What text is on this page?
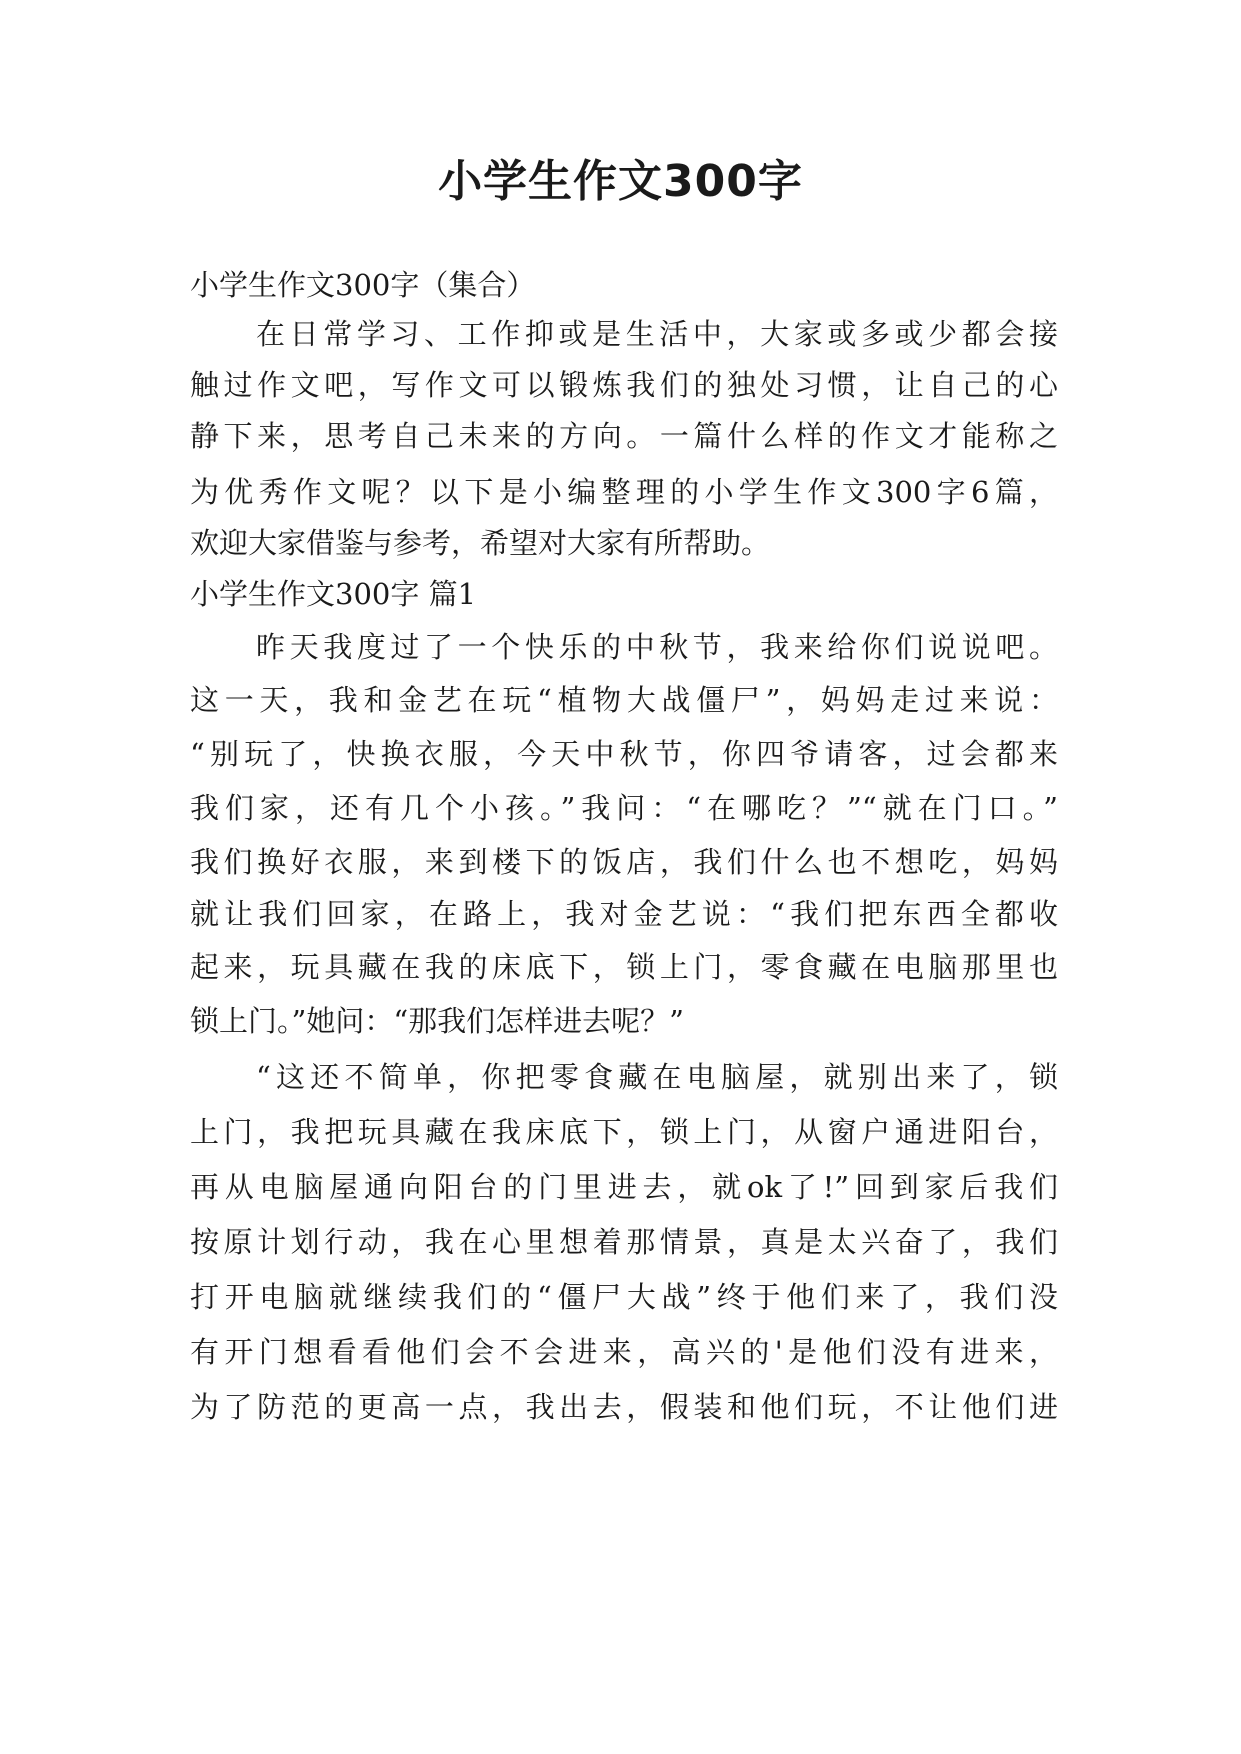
小学生作文300字
小学生作文300字（集合）
在日常学习、工作抑或是生活中，大家或多或少都会接
触过作文吧，写作文可以锻炼我们的独处习惯，让自己的心
静下来，思考自己未来的方向。一篇什么样的作文才能称之
为优秀作文呢？以下是小编整理的小学生作文300字6篇，
欢迎大家借鉴与参考，希望对大家有所帮助。
小学生作文300字 篇1
昨天我度过了一个快乐的中秋节，我来给你们说说吧。
这一天，我和金艺在玩“植物大战僵尸”，妈妈走过来说：
“别玩了，快换衣服，今天中秋节，你四爷请客，过会都来
我们家，还有几个小孩。”我问：“在哪吃？”“就在门口。”
我们换好衣服，来到楼下的饭店，我们什么也不想吃，妈妈
就让我们回家，在路上，我对金艺说：“我们把东西全都收
起来，玩具藏在我的床底下，锁上门，零食藏在电脑那里也
锁上门。”她问：“那我们怎样进去呢？”
“这还不简单，你把零食藏在电脑屋，就别出来了，锁
上门，我把玩具藏在我床底下，锁上门，从窗户通进阳台，
再从电脑屋通向阳台的门里进去，就ok了!”回到家后我们
按原计划行动，我在心里想着那情景，真是太兴奋了，我们
打开电脑就继续我们的“僵尸大战”终于他们来了，我们没
有开门想看看他们会不会进来，高兴的'是他们没有进来，
为了防范的更高一点，我出去，假装和他们玩，不让他们进
